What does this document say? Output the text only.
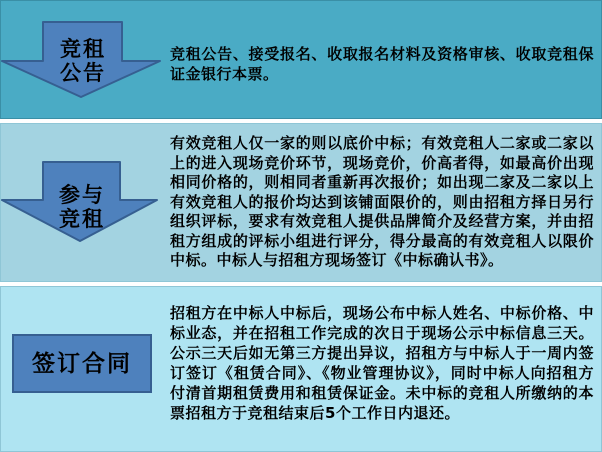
竞租
公告
竞租公告、接受报名、收取报名材料及资格审核、收取竞租保证金银行本票。
参与
竞租
有效竞租人仅一家的则以底价中标；有效竞租人二家或二家以上的进入现场竞价环节，现场竞价，价高者得，如最高价出现相同价格的，则相同者重新再次报价；如出现二家及二家以上有效竞租人的报价均达到该铺面限价的，则由招租方择日另行组织评标，要求有效竞租人提供品牌简介及经营方案，并由招租方组成的评标小组进行评分，得分最高的有效竞租人以限价中标。中标人与招租方现场签订《中标确认书》。
签订合同
招租方在中标人中标后，现场公布中标人姓名、中标价格、中标业态，并在招租工作完成的次日于现场公示中标信息三天。公示三天后如无第三方提出异议，招租方与中标人于一周内签订签订《租赁合同》、《物业管理协议》，同时中标人向招租方付清首期租赁费用和租赁保证金。未中标的竞租人所缴纳的本票招租方于竞租结束后5个工作日内退还。
